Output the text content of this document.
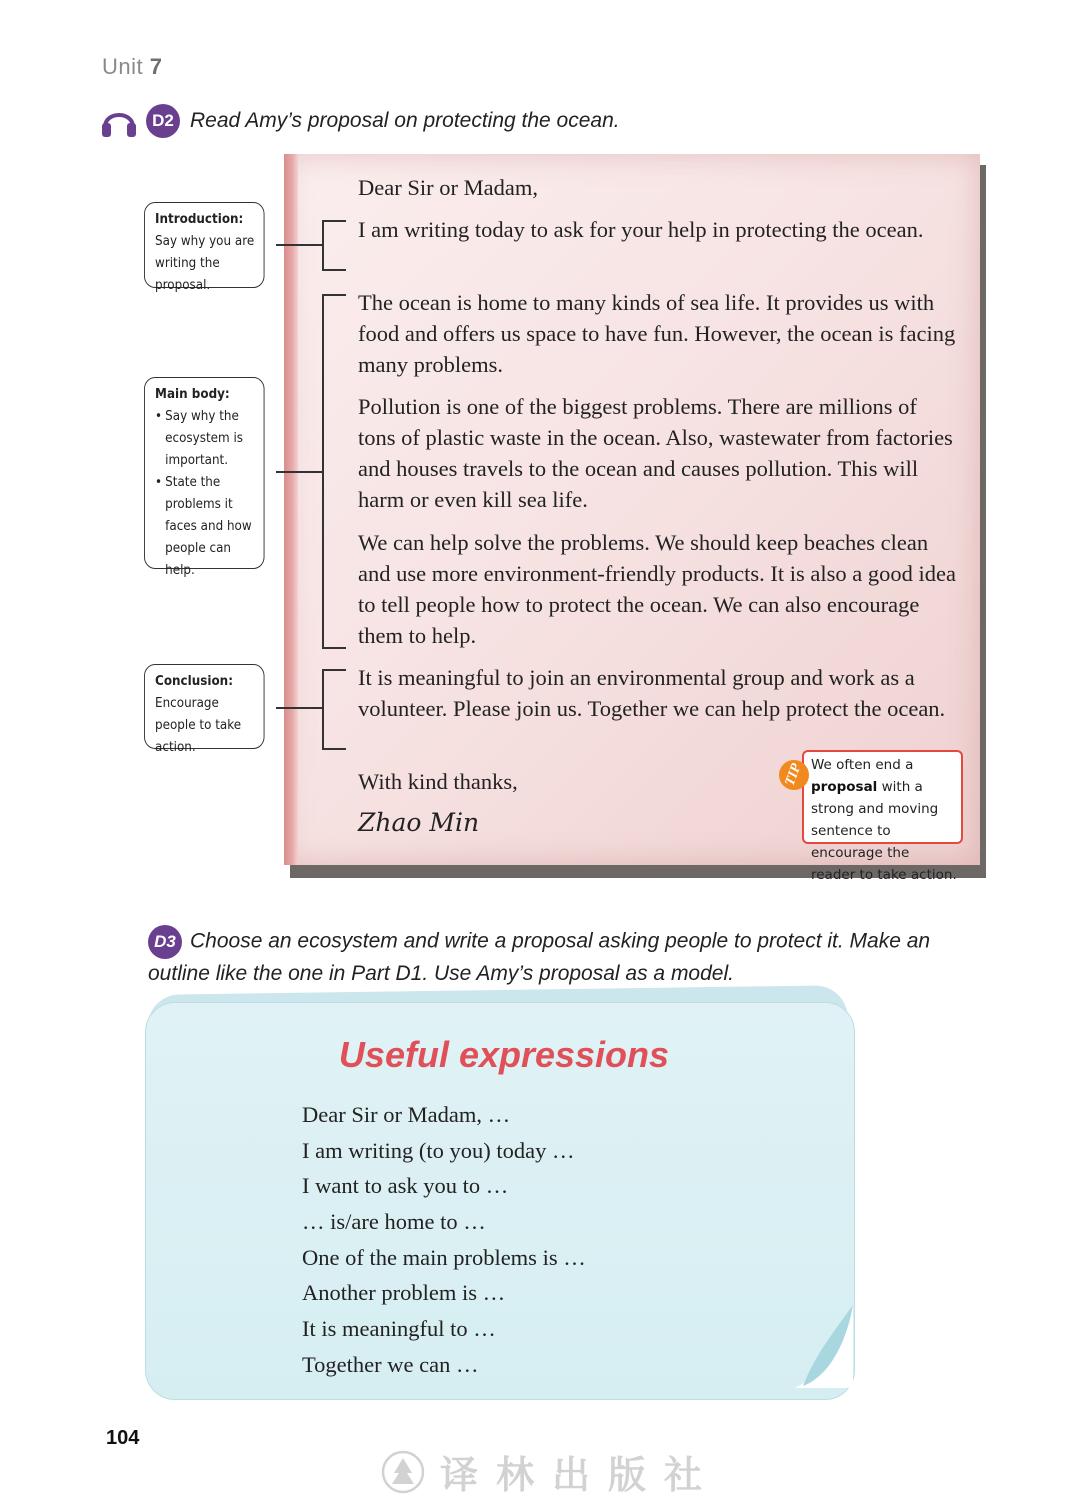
Unit 7
D2 Read Amy’s proposal on protecting the ocean.
Dear Sir or Madam,
I am writing today to ask for your help in protecting the ocean.
The ocean is home to many kinds of sea life. It provides us with food and offers us space to have fun. However, the ocean is facing many problems.
Pollution is one of the biggest problems. There are millions of tons of plastic waste in the ocean. Also, wastewater from factories and houses travels to the ocean and causes pollution. This will harm or even kill sea life.
We can help solve the problems. We should keep beaches clean and use more environment-friendly products. It is also a good idea to tell people how to protect the ocean. We can also encourage them to help.
It is meaningful to join an environmental group and work as a volunteer. Please join us. Together we can help protect the ocean.
With kind thanks,
Zhao Min
Introduction: Say why you are writing the proposal.
Main body:
• Say why the ecosystem is important.
• State the problems it faces and how people can help.
Conclusion:
Encourage people to take action.
We often end a proposal with a strong and moving sentence to encourage the reader to take action.
TIP
D3 Choose an ecosystem and write a proposal asking people to protect it. Make an outline like the one in Part D1. Use Amy’s proposal as a model.
Useful expressions
Dear Sir or Madam, …
I am writing (to you) today …
I want to ask you to …
… is/are home to …
One of the main problems is …
Another problem is …
It is meaningful to …
Together we can …
104
译林出版社
